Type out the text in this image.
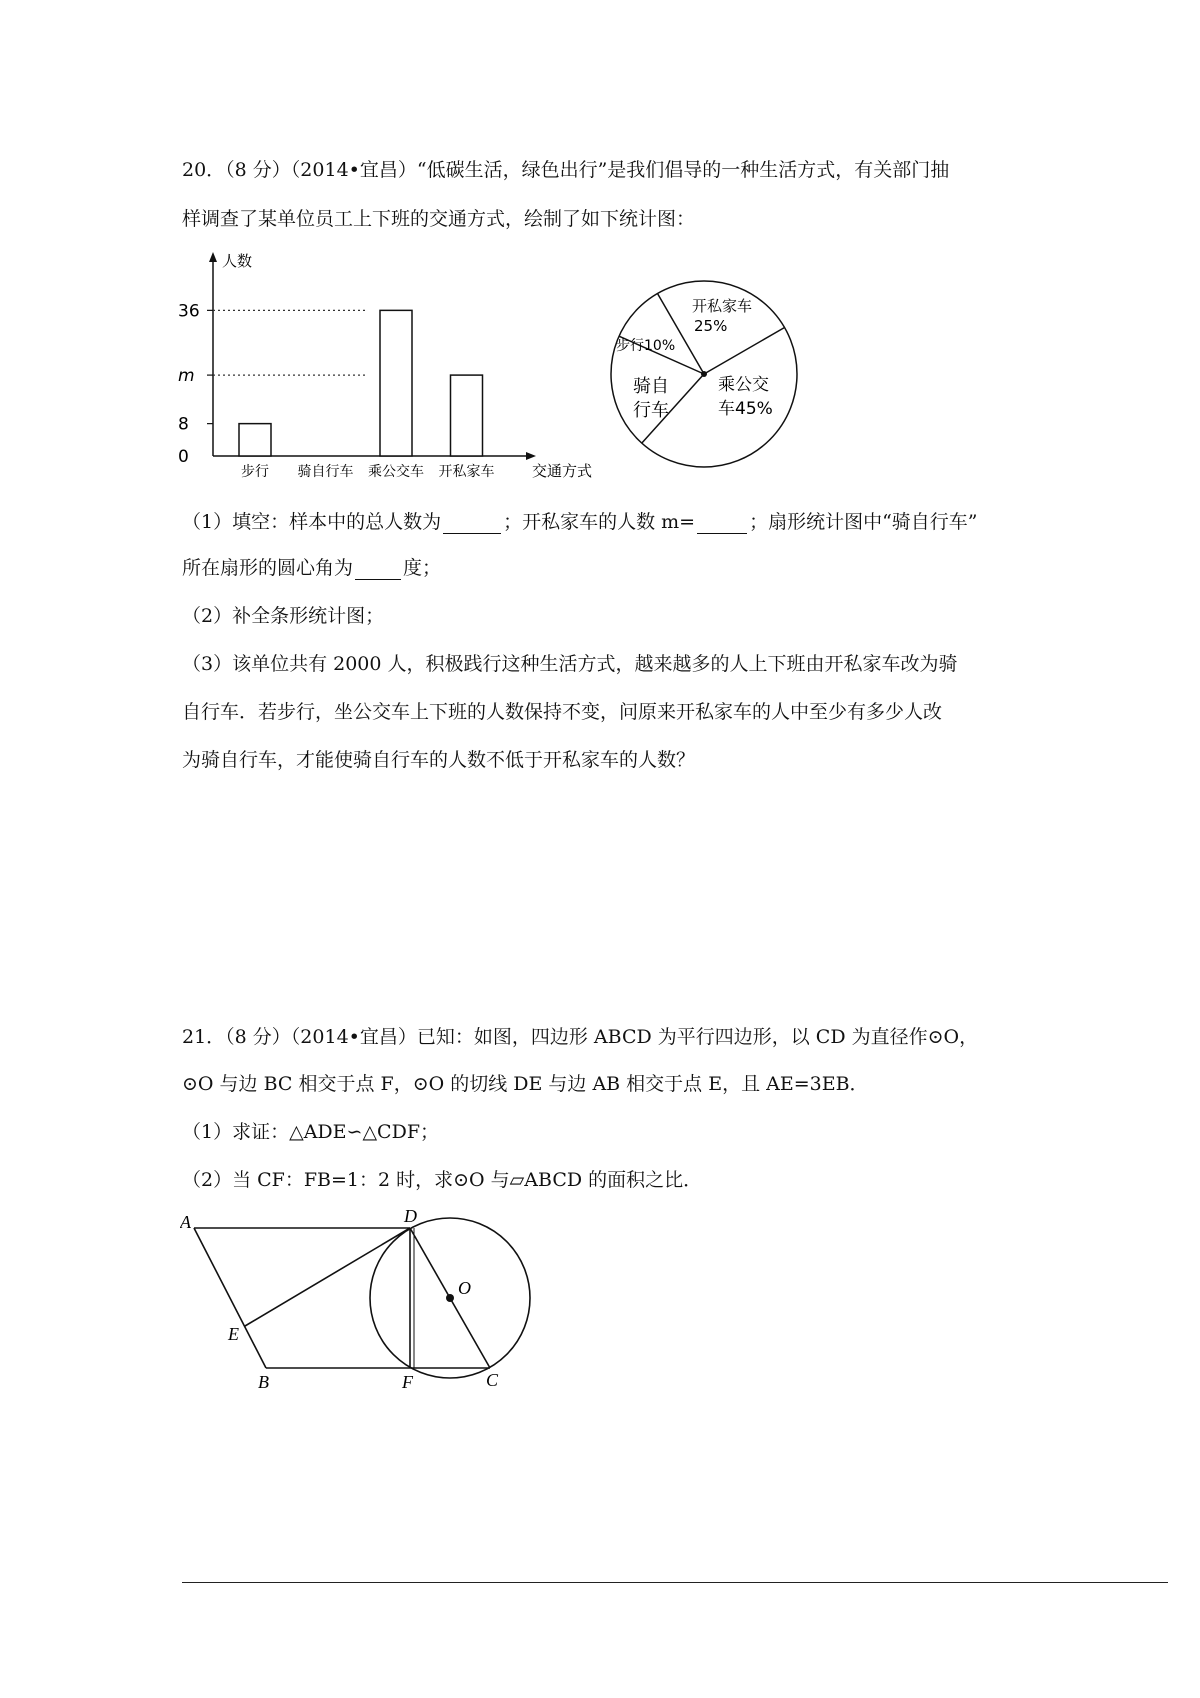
20．（8 分）（2014•宜昌）“低碳生活，绿色出行”是我们倡导的一种生活方式，有关部门抽
样调查了某单位员工上下班的交通方式，绘制了如下统计图：
人数
交通方式
0
8
m
36
步行 骑自行车 乘公交车 开私家车
开私家车
25%
乘公交
车45%
骑自
行车
步行10%
（1）填空：样本中的总人数为	；开私家车的人数 m=	；扇形统计图中“骑自行车”
所在扇形的圆心角为	度；
（2）补全条形统计图；
（3）该单位共有 2000 人，积极践行这种生活方式，越来越多的人上下班由开私家车改为骑
自行车．若步行，坐公交车上下班的人数保持不变，问原来开私家车的人中至少有多少人改
为骑自行车，才能使骑自行车的人数不低于开私家车的人数？
21．（8 分）（2014•宜昌）已知：如图，四边形 ABCD 为平行四边形，以 CD 为直径作⊙O，
⊙O 与边 BC 相交于点 F，⊙O 的切线 DE 与边 AB 相交于点 E，且 AE=3EB．
（1）求证：△ADE∽△CDF；
（2）当 CF：FB=1：2 时，求⊙O 与▱ABCD 的面积之比．
A	D
O
E
B	F	C
